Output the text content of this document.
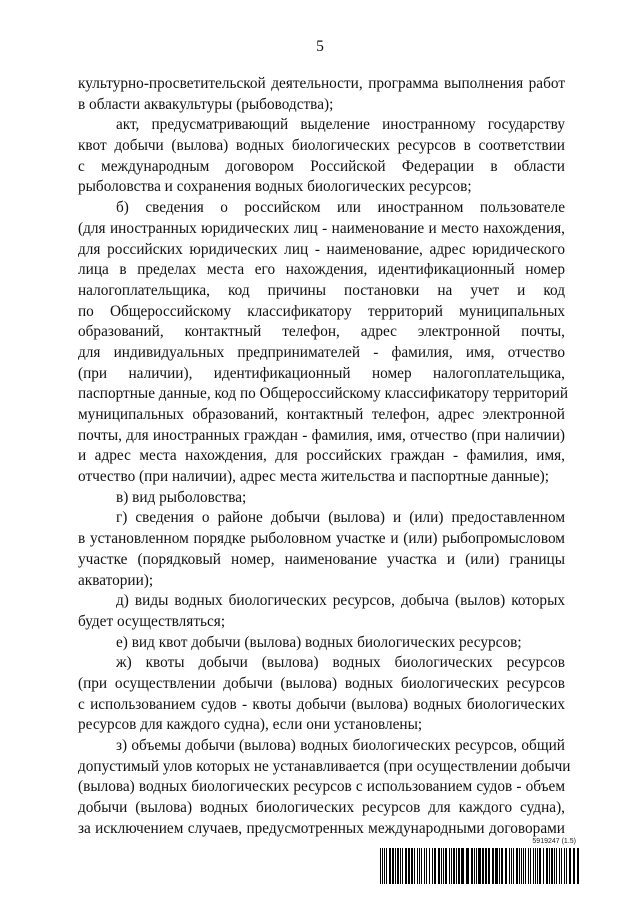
5
культурно-просветительской деятельности, программа выполнения работ
в области аквакультуры (рыбоводства);
акт, предусматривающий выделение иностранному государству
квот добычи (вылова) водных биологических ресурсов в соответствии
с международным договором Российской Федерации в области
рыболовства и сохранения водных биологических ресурсов;
б) сведения о российском или иностранном пользователе
(для иностранных юридических лиц - наименование и место нахождения,
для российских юридических лиц - наименование, адрес юридического
лица в пределах места его нахождения, идентификационный номер
налогоплательщика, код причины постановки на учет и код
по Общероссийскому классификатору территорий муниципальных
образований, контактный телефон, адрес электронной почты,
для индивидуальных предпринимателей - фамилия, имя, отчество
(при наличии), идентификационный номер налогоплательщика,
паспортные данные, код по Общероссийскому классификатору территорий
муниципальных образований, контактный телефон, адрес электронной
почты, для иностранных граждан - фамилия, имя, отчество (при наличии)
и адрес места нахождения, для российских граждан - фамилия, имя,
отчество (при наличии), адрес места жительства и паспортные данные);
в) вид рыболовства;
г) сведения о районе добычи (вылова) и (или) предоставленном
в установленном порядке рыболовном участке и (или) рыбопромысловом
участке (порядковый номер, наименование участка и (или) границы
акватории);
д) виды водных биологических ресурсов, добыча (вылов) которых
будет осуществляться;
е) вид квот добычи (вылова) водных биологических ресурсов;
ж) квоты добычи (вылова) водных биологических ресурсов
(при осуществлении добычи (вылова) водных биологических ресурсов
с использованием судов - квоты добычи (вылова) водных биологических
ресурсов для каждого судна), если они установлены;
з) объемы добычи (вылова) водных биологических ресурсов, общий
допустимый улов которых не устанавливается (при осуществлении добычи
(вылова) водных биологических ресурсов с использованием судов - объем
добычи (вылова) водных биологических ресурсов для каждого судна),
за исключением случаев, предусмотренных международными договорами
5919247 (1.5)
